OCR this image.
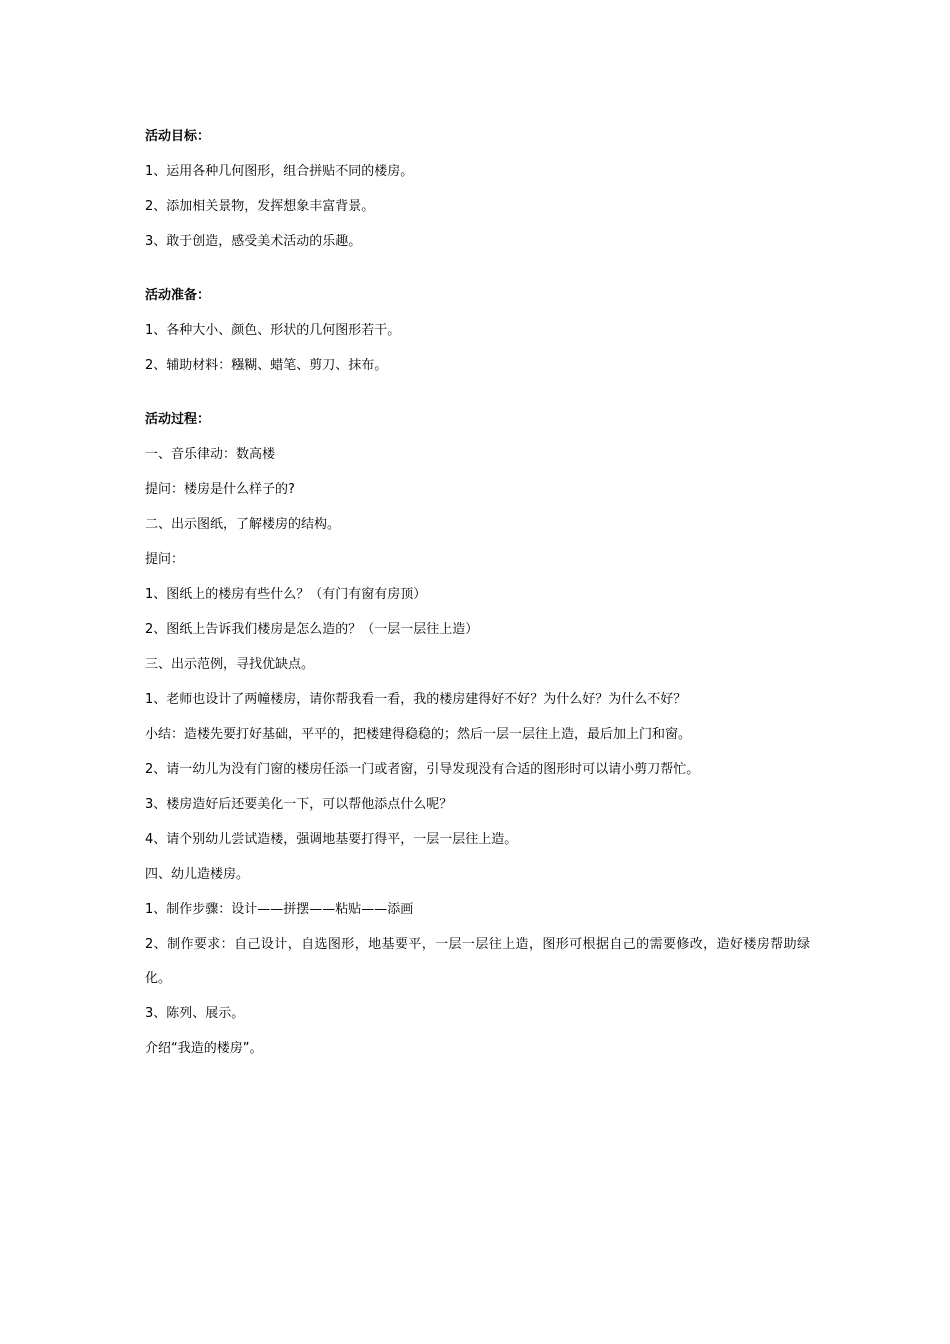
活动目标：
1、运用各种几何图形，组合拼贴不同的楼房。
2、添加相关景物，发挥想象丰富背景。
3、敢于创造，感受美术活动的乐趣。
活动准备：
1、各种大小、颜色、形状的几何图形若干。
2、辅助材料：糨糊、蜡笔、剪刀、抹布。
活动过程：
一、音乐律动：数高楼
提问：楼房是什么样子的?
二、出示图纸，了解楼房的结构。
提问：
1、图纸上的楼房有些什么？（有门有窗有房顶）
2、图纸上告诉我们楼房是怎么造的？（一层一层往上造）
三、出示范例，寻找优缺点。
1、老师也设计了两幢楼房，请你帮我看一看，我的楼房建得好不好？为什么好？为什么不好？
小结：造楼先要打好基础，平平的，把楼建得稳稳的；然后一层一层往上造，最后加上门和窗。
2、请一幼儿为没有门窗的楼房任添一门或者窗，引导发现没有合适的图形时可以请小剪刀帮忙。
3、楼房造好后还要美化一下，可以帮他添点什么呢？
4、请个别幼儿尝试造楼，强调地基要打得平，一层一层往上造。
四、幼儿造楼房。
1、制作步骤：设计——拼摆——粘贴——添画
2、制作要求：自己设计，自选图形，地基要平，一层一层往上造，图形可根据自己的需要修改，造好楼房帮助绿化。
3、陈列、展示。
介绍“我造的楼房”。
